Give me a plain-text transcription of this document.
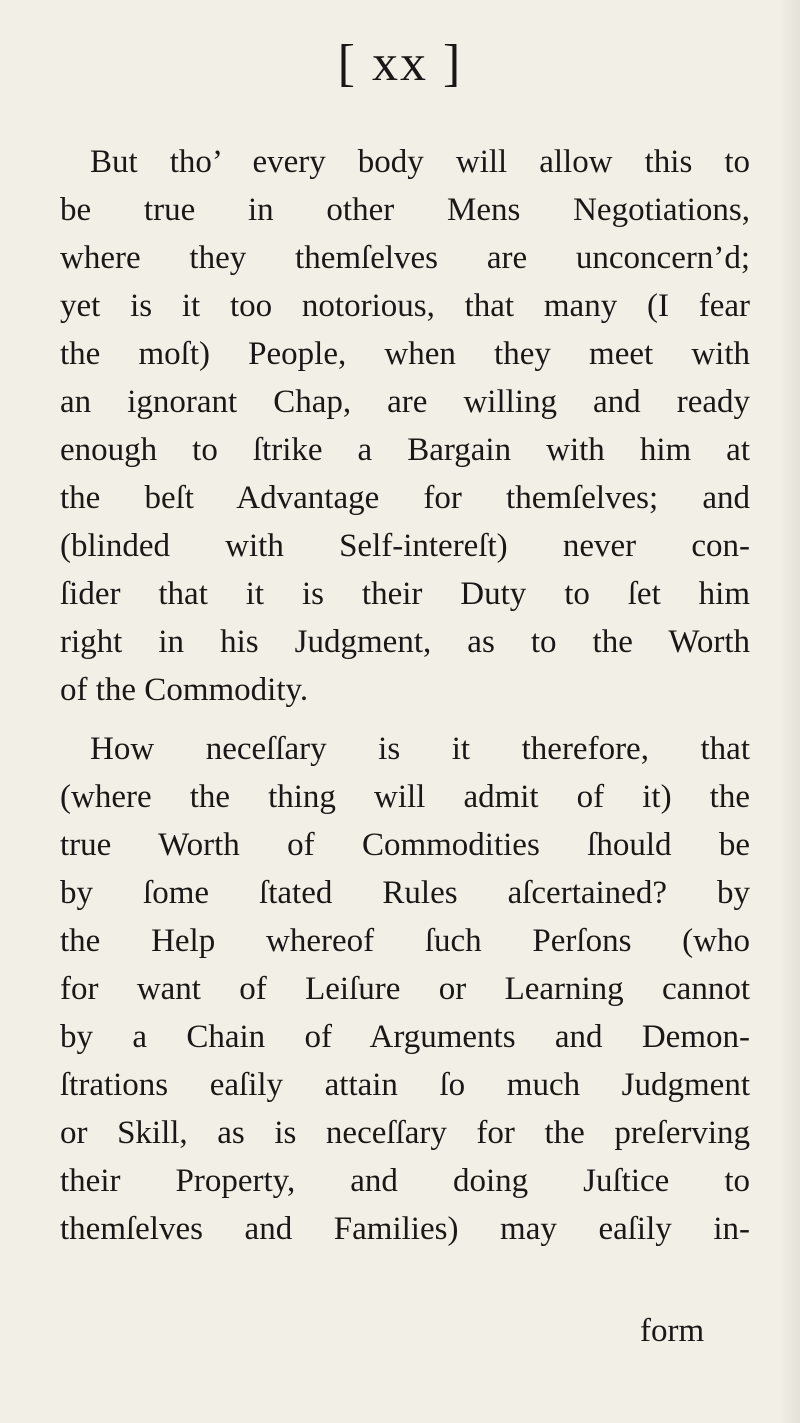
[ xx ]
But tho’ every body will allow this to
be true in other Mens Negotiations,
where they themſelves are unconcern’d;
yet is it too notorious, that many (I fear
the moſt) People, when they meet with
an ignorant Chap, are willing and ready
enough to ſtrike a Bargain with him at
the beſt Advantage for themſelves; and
(blinded with Self-intereſt) never con-
ſider that it is their Duty to ſet him
right in his Judgment, as to the Worth
of the Commodity.
How neceſſary is it therefore, that
(where the thing will admit of it) the
true Worth of Commodities ſhould be
by ſome ſtated Rules aſcertained? by
the Help whereof ſuch Perſons (who
for want of Leiſure or Learning cannot
by a Chain of Arguments and Demon-
ſtrations eaſily attain ſo much Judgment
or Skill, as is neceſſary for the preſerving
their Property, and doing Juſtice to
themſelves and Families) may eaſily in-
form
